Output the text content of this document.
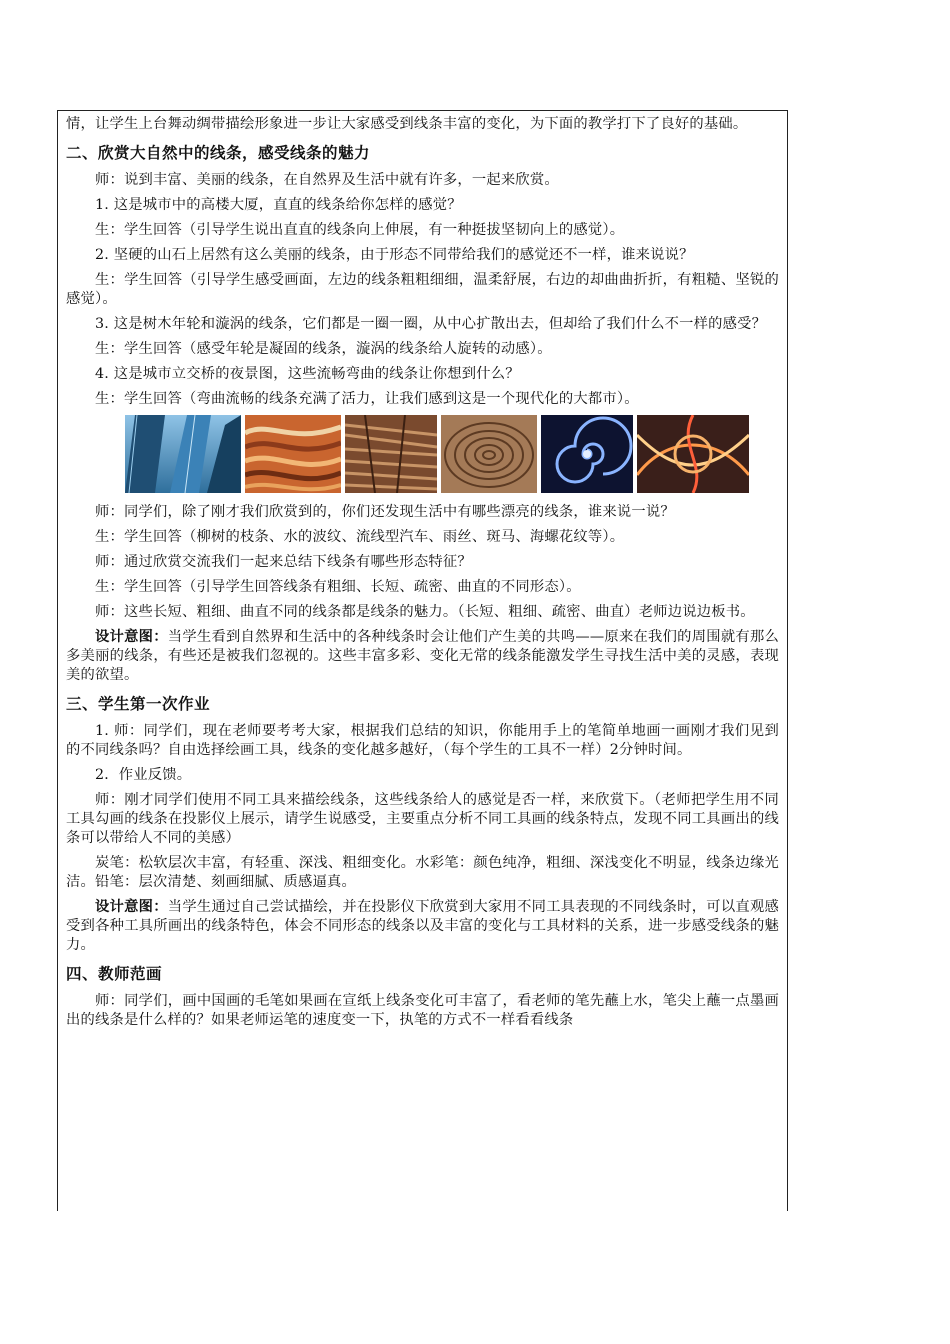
情，让学生上台舞动绸带描绘形象进一步让大家感受到线条丰富的变化，为下面的教学打下了良好的基础。

二、欣赏大自然中的线条，感受线条的魅力

师：说到丰富、美丽的线条，在自然界及生活中就有许多，一起来欣赏。

1. 这是城市中的高楼大厦，直直的线条给你怎样的感觉？

生：学生回答（引导学生说出直直的线条向上伸展，有一种挺拔坚韧向上的感觉）。

2. 坚硬的山石上居然有这么美丽的线条，由于形态不同带给我们的感觉还不一样，谁来说说？

生：学生回答（引导学生感受画面，左边的线条粗粗细细，温柔舒展，右边的却曲曲折折，有粗糙、坚锐的感觉）。

3. 这是树木年轮和漩涡的线条，它们都是一圈一圈，从中心扩散出去，但却给了我们什么不一样的感受？

生：学生回答（感受年轮是凝固的线条，漩涡的线条给人旋转的动感）。

4. 这是城市立交桥的夜景图，这些流畅弯曲的线条让你想到什么？

生：学生回答（弯曲流畅的线条充满了活力，让我们感到这是一个现代化的大都市）。

师：同学们，除了刚才我们欣赏到的，你们还发现生活中有哪些漂亮的线条，谁来说一说？

生：学生回答（柳树的枝条、水的波纹、流线型汽车、雨丝、斑马、海螺花纹等）。

师：通过欣赏交流我们一起来总结下线条有哪些形态特征？

生：学生回答（引导学生回答线条有粗细、长短、疏密、曲直的不同形态）。

师：这些长短、粗细、曲直不同的线条都是线条的魅力。（长短、粗细、疏密、曲直）老师边说边板书。

设计意图：当学生看到自然界和生活中的各种线条时会让他们产生美的共鸣——原来在我们的周围就有那么多美丽的线条，有些还是被我们忽视的。这些丰富多彩、变化无常的线条能激发学生寻找生活中美的灵感，表现美的欲望。

三、学生第一次作业

1. 师：同学们，现在老师要考考大家，根据我们总结的知识，你能用手上的笔简单地画一画刚才我们见到的不同线条吗？自由选择绘画工具，线条的变化越多越好，（每个学生的工具不一样）2分钟时间。

2．作业反馈。

师：刚才同学们使用不同工具来描绘线条，这些线条给人的感觉是否一样，来欣赏下。（老师把学生用不同工具勾画的线条在投影仪上展示，请学生说感受，主要重点分析不同工具画的线条特点，发现不同工具画出的线条可以带给人不同的美感）

炭笔：松软层次丰富，有轻重、深浅、粗细变化。水彩笔：颜色纯净，粗细、深浅变化不明显，线条边缘光洁。铅笔：层次清楚、刻画细腻、质感逼真。

设计意图：当学生通过自己尝试描绘，并在投影仪下欣赏到大家用不同工具表现的不同线条时，可以直观感受到各种工具所画出的线条特色，体会不同形态的线条以及丰富的变化与工具材料的关系，进一步感受线条的魅力。

四、教师范画

师：同学们，画中国画的毛笔如果画在宣纸上线条变化可丰富了，看老师的笔先蘸上水，笔尖上蘸一点墨画出的线条是什么样的？如果老师运笔的速度变一下，执笔的方式不一样看看线条
